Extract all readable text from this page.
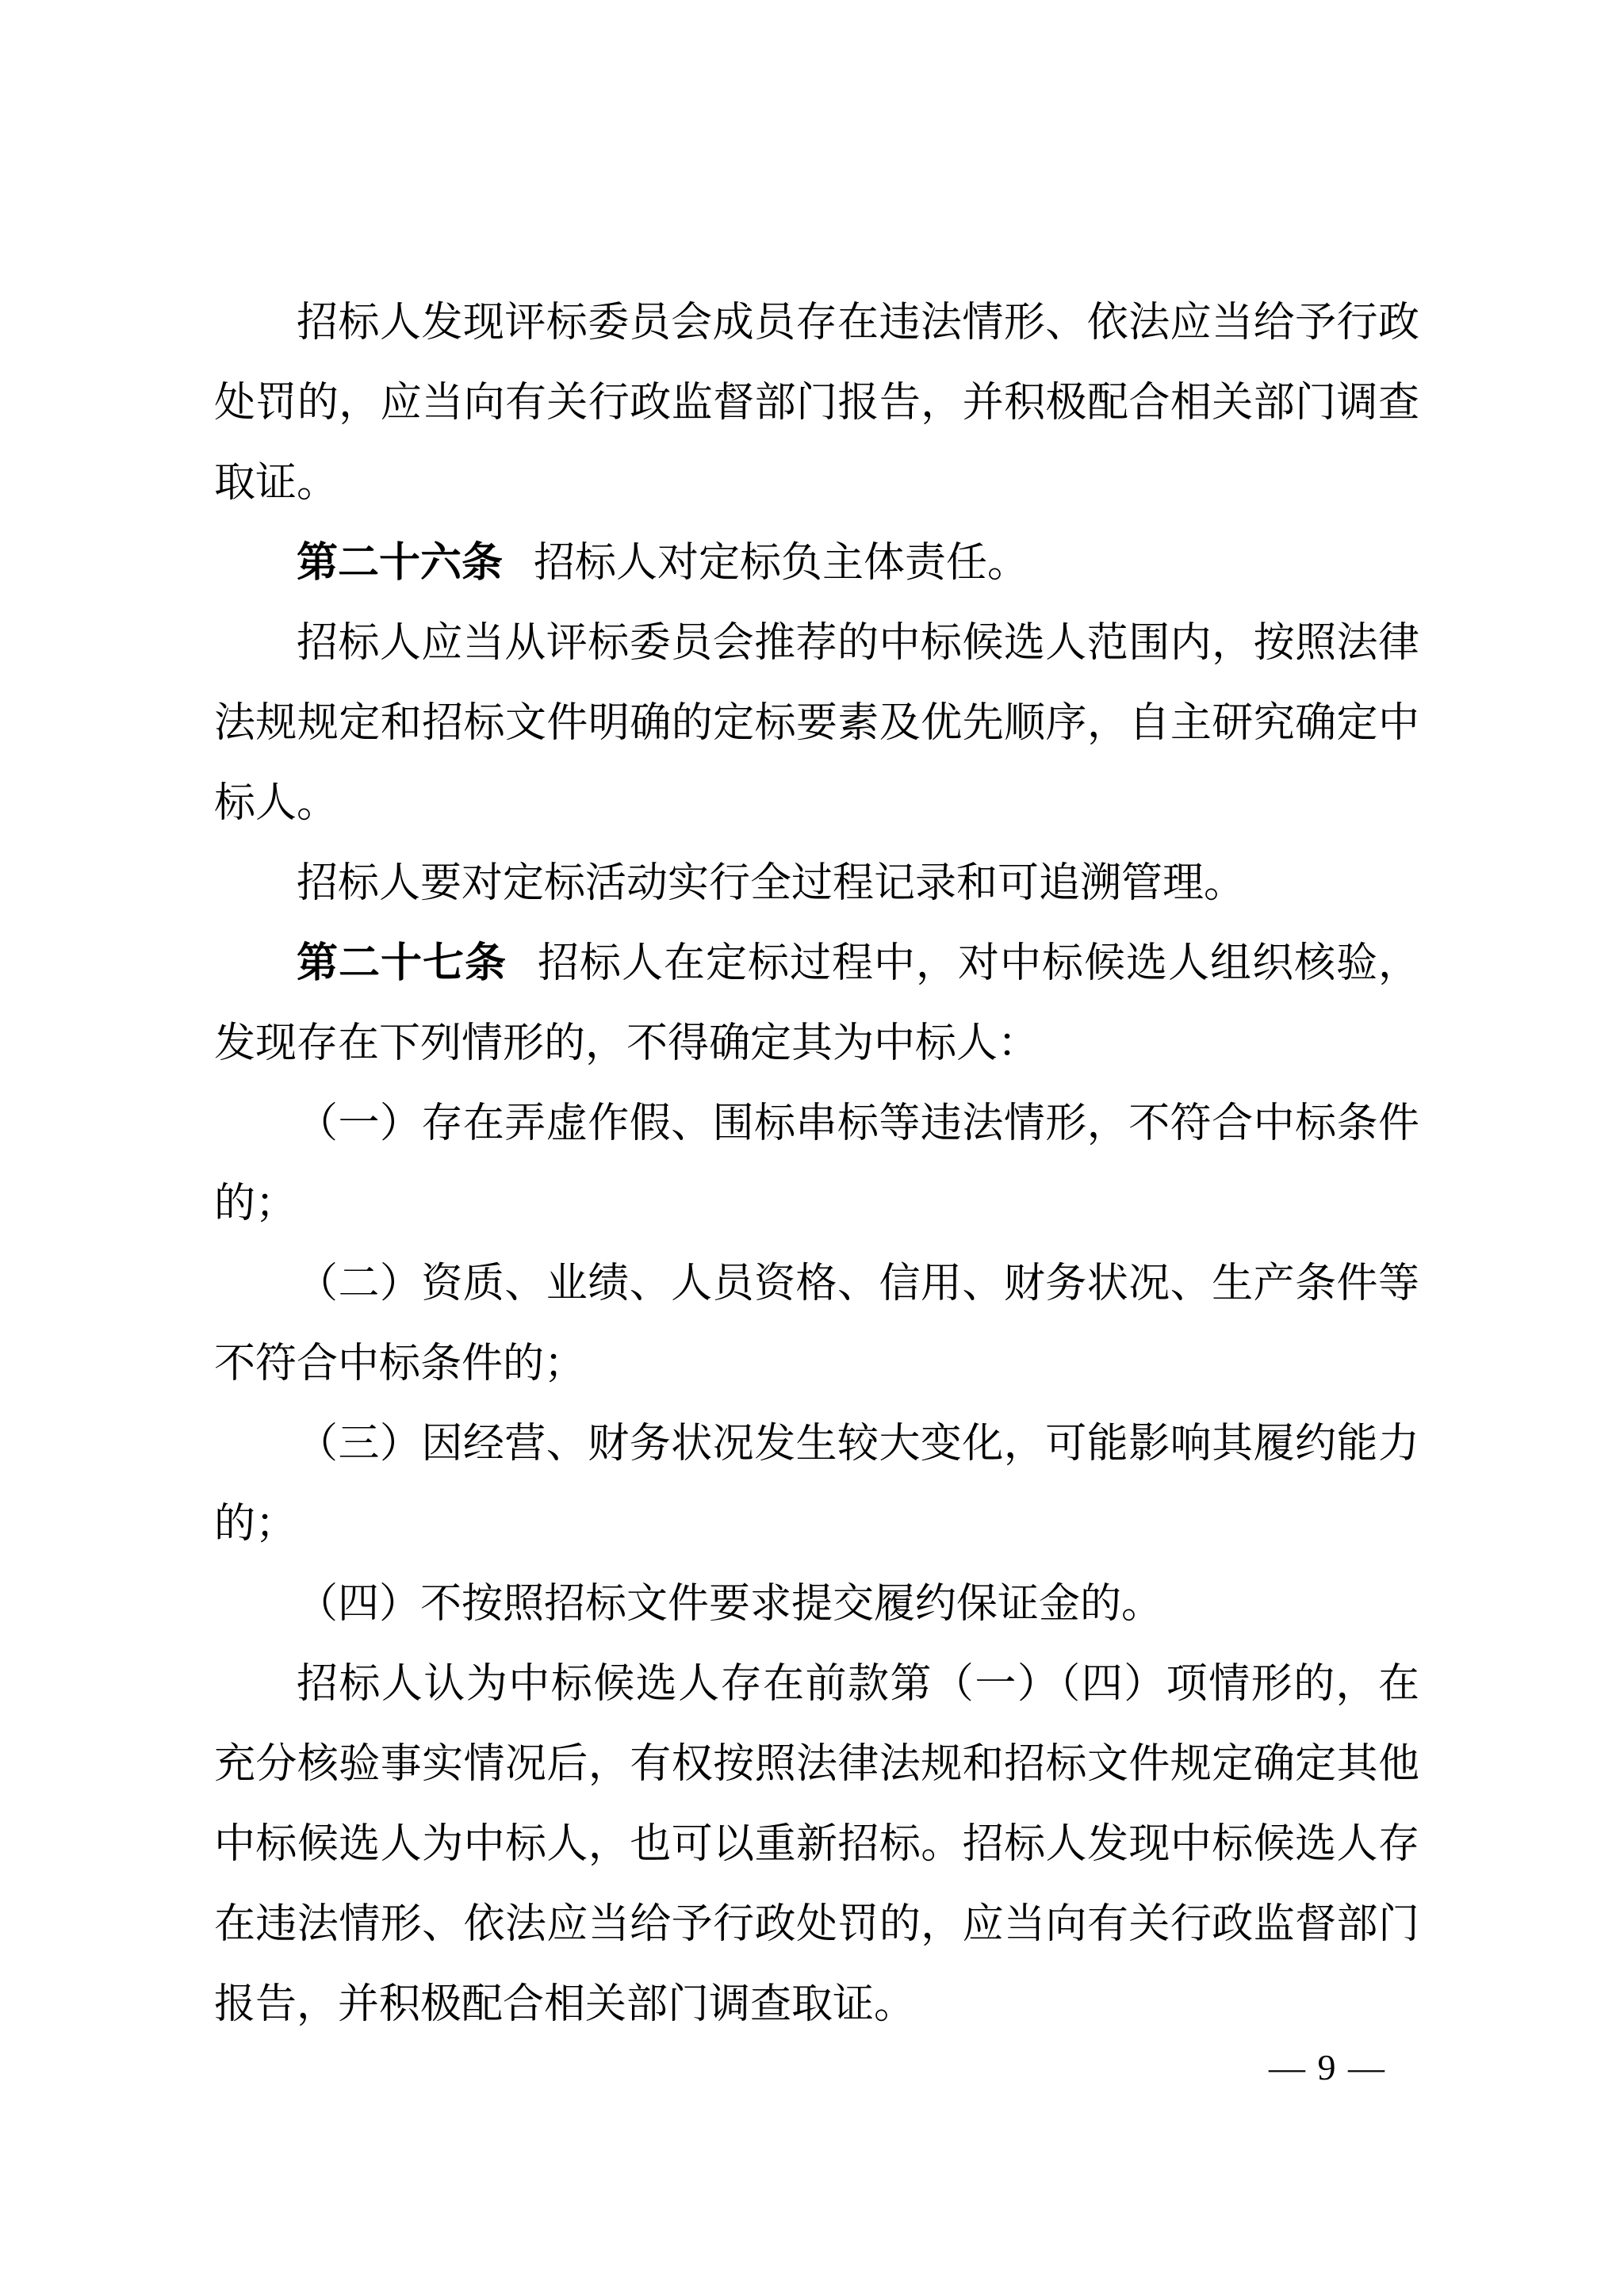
招标人发现评标委员会成员存在违法情形、依法应当给予行政处罚的，应当向有关行政监督部门报告，并积极配合相关部门调查取证。

第二十六条 招标人对定标负主体责任。

招标人应当从评标委员会推荐的中标候选人范围内，按照法律法规规定和招标文件明确的定标要素及优先顺序，自主研究确定中标人。

招标人要对定标活动实行全过程记录和可追溯管理。

第二十七条 招标人在定标过程中，对中标候选人组织核验，发现存在下列情形的，不得确定其为中标人：

（一）存在弄虚作假、围标串标等违法情形，不符合中标条件的；

（二）资质、业绩、人员资格、信用、财务状况、生产条件等不符合中标条件的；

（三）因经营、财务状况发生较大变化，可能影响其履约能力的；

（四）不按照招标文件要求提交履约保证金的。

招标人认为中标候选人存在前款第（一）（四）项情形的，在充分核验事实情况后，有权按照法律法规和招标文件规定确定其他中标候选人为中标人，也可以重新招标。招标人发现中标候选人存在违法情形、依法应当给予行政处罚的，应当向有关行政监督部门报告，并积极配合相关部门调查取证。

— 9 —
